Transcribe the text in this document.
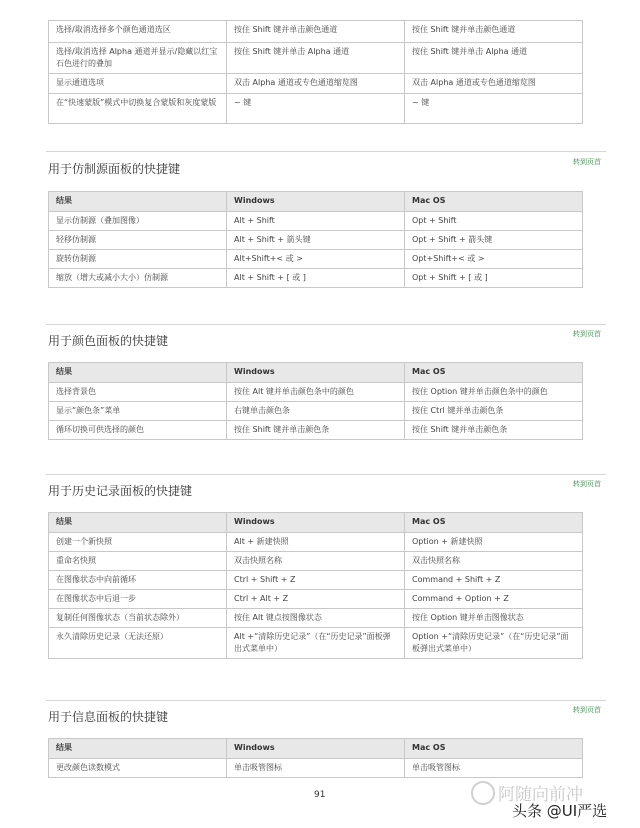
选择/取消选择多个颜色通道选区	按住 Shift 键并单击颜色通道	按住 Shift 键并单击颜色通道
选择/取消选择 Alpha 通道并显示/隐藏以红宝石色进行的叠加	按住 Shift 键并单击 Alpha 通道	按住 Shift 键并单击 Alpha 通道
显示通道选项	双击 Alpha 通道或专色通道缩览图	双击 Alpha 通道或专色通道缩览图
在“快速蒙版”模式中切换复合蒙版和灰度蒙版	~ 键	~ 键
用于仿制源面板的快捷键	转到页首
结果	Windows	Mac OS
显示仿制源（叠加图像）	Alt + Shift	Opt + Shift
轻移仿制源	Alt + Shift + 箭头键	Opt + Shift + 箭头键
旋转仿制源	Alt+Shift+< 或 >	Opt+Shift+< 或 >
缩放（增大或减小大小）仿制源	Alt + Shift + [ 或 ]	Opt + Shift + [ 或 ]
用于颜色面板的快捷键	转到页首
结果	Windows	Mac OS
选择背景色	按住 Alt 键并单击颜色条中的颜色	按住 Option 键并单击颜色条中的颜色
显示“颜色条”菜单	右键单击颜色条	按住 Ctrl 键并单击颜色条
循环切换可供选择的颜色	按住 Shift 键并单击颜色条	按住 Shift 键并单击颜色条
用于历史记录面板的快捷键	转到页首
结果	Windows	Mac OS
创建一个新快照	Alt + 新建快照	Option + 新建快照
重命名快照	双击快照名称	双击快照名称
在图像状态中向前循环	Ctrl + Shift + Z	Command + Shift + Z
在图像状态中后退一步	Ctrl + Alt + Z	Command + Option + Z
复制任何图像状态（当前状态除外）	按住 Alt 键点按图像状态	按住 Option 键并单击图像状态
永久清除历史记录（无法还原）	Alt +“清除历史记录”（在“历史记录”面板弹出式菜单中）	Option +“清除历史记录”（在“历史记录”面板弹出式菜单中）
用于信息面板的快捷键	转到页首
结果	Windows	Mac OS
更改颜色读数模式	单击吸管图标	单击吸管图标
91	阿随向前冲
头条 @UI严选
